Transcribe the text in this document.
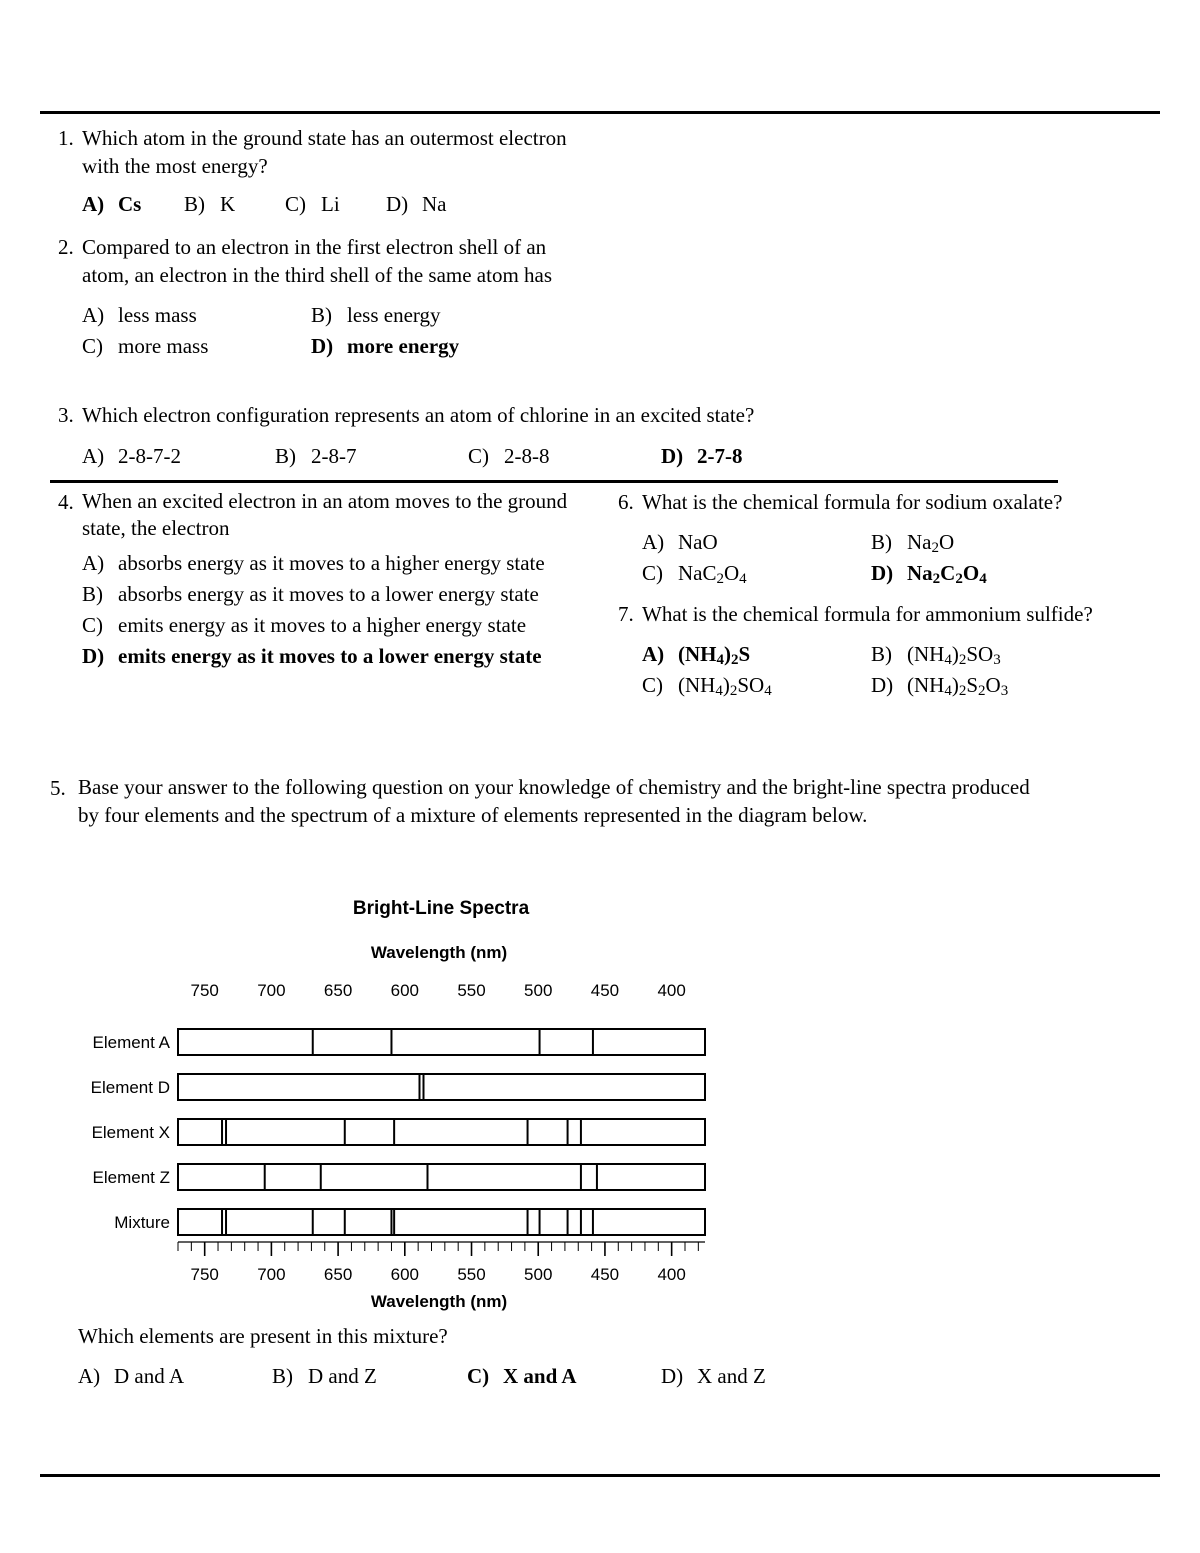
1. Which atom in the ground state has an outermost electron with the most energy?
A) Cs B) K C) Li D) Na
2. Compared to an electron in the first electron shell of an atom, an electron in the third shell of the same atom has
A) less mass	B) less energy
C) more mass	D) more energy
3. Which electron configuration represents an atom of chlorine in an excited state?
A) 2-8-7-2	B) 2-8-7	C) 2-8-8	D) 2-7-8
4. When an excited electron in an atom moves to the ground state, the electron
A) absorbs energy as it moves to a higher energy state
B) absorbs energy as it moves to a lower energy state
C) emits energy as it moves to a higher energy state
D) emits energy as it moves to a lower energy state
6. What is the chemical formula for sodium oxalate?
A) NaO	B) $Na_2O$
C) $NaC_2O_4$	D) $Na_2C_2O_4$
7. What is the chemical formula for ammonium sulfide?
A) $(NH_4)_2S$	B) $(NH_4)_2SO_3$
C) $(NH_4)_2SO_4$	D) $(NH_4)_2S_2O_3$
5. Base your answer to the following question on your knowledge of chemistry and the bright-line spectra produced by four elements and the spectrum of a mixture of elements represented in the diagram below.
Bright-Line Spectra
Wavelength (nm)
Wavelength (nm)
750 700 650 600 550 500 450 400
750 700 650 600 550 500 450 400
Element A
Element D
Element X
Element Z
Mixture
Which elements are present in this mixture?
A) D and A	B) D and Z	C) X and A	D) X and Z
